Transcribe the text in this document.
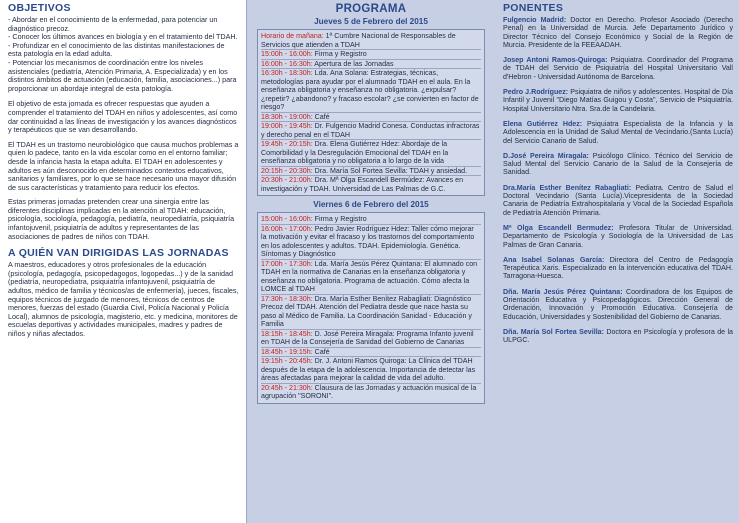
OBJETIVOS
- Abordar en el conocimiento de la enfermedad, para potenciar un diagnóstico precoz.
- Conocer los últimos avances en biología y en el tratamiento del TDAH.
- Profundizar en el conocimiento de las distintas manifestaciones de esta patología en la edad adulta.
- Potenciar los mecanismos de coordinación entre los niveles asistenciales (pediatría, Atención Primaria, A. Especializada) y en los distintos ámbitos de actuación (educación, familia, asociaciones...) para proporcionar un abordaje integral de esta patología.

El objetivo de esta jornada es ofrecer respuestas que ayuden a comprender el tratamiento del TDAH en niños y adolescentes, así como dar continuidad a las líneas de investigación y los avances diagnósticos y terapéuticos que se van desarrollando.

El TDAH es un trastorno neurobiológico que causa muchos problemas a quien lo padece, tanto en la vida escolar como en el entorno familiar; desde la infancia hasta la etapa adulta. El TDAH en adolescentes y adultos es aún desconocido en determinados contextos educativos, sanitarios y familiares, por lo que se hace necesario una mayor difusión de sus características y tratamiento para reducir los efectos.

Estas primeras jornadas pretenden crear una sinergia entre las diferentes disciplinas implicadas en la atención al TDAH: educación, psicología, sociología, pedagogía, pediatría, neuropediatría, psiquiatría infantojuvenil, psiquiatría de adultos y representantes de las asociaciones de padres de niños con TDAH.

A QUIÉN VAN DIRIGIDAS LAS JORNADAS

A maestros, educadores y otros profesionales de la educación (psicología, pedagogía, psicopedagogos, logopedas...) y de la sanidad (pediatría, neuropediatra, psiquiatría infantojuvenil, psiquiatría de adultos, médico de familia y técnicos/as de enfermería), jueces, fiscales, equipos técnicos de juzgado de menores, técnicos de centros de menores, fuerzas del estado (Guardia Civil, Policía Nacional y Policía Local), alumnos de psicología, magisterio, etc. y medicina, monitores de escuelas deportivas y actividades municipales, madres y padres de niños y niñas afectados.

PROGRAMA
Jueves 5 de Febrero del 2015
Horario de mañana: 1ª Cumbre Nacional de Responsables de Servicios que atienden a TDAH
15:00h - 16:00h: Firma y Registro
16:00h - 16:30h: Apertura de las Jornadas
16:30h - 18:30h: Lda. Ana Solana: Estrategias, técnicas, metodologías para ayudar por el alumnado TDAH en el aula. En la enseñanza obligatoria y enseñanza no obligatoria. ¿expulsar?¿repetir? ¿abandono? y fracaso escolar? ¿se convierten en factor de riesgo?
18:30h - 19:00h: Café
19:00h - 19:45h: Dr. Fulgencio Madrid Conesa. Conductas infractoras y derecho penal en el TDAH
19:45h - 20:15h: Dra. Elena Gutiérrez Hdez: Abordaje de la Comorbilidad y la Desregulación Emocional del TDAH en la enseñanza obligatoria y no obligatoria a lo largo de la vida
20:15h - 20:30h: Dra. María Sol Fortea Sevilla: TDAH y ansiedad.
20:30h - 21:00h: Dra. Mª Olga Escandell Bermúdez: Avances en investigación y TDAH. Universidad de Las Palmas de G.C.
Viernes 6 de Febrero del 2015
15:00h - 16:00h: Firma y Registro
16:00h - 17:00h: Pedro Javier Rodríguez Hdez: Taller cómo mejorar la motivación y evitar el fracaso y los trastornos del comportamiento en los adolescentes y adultos. TDAH. Epidemiología. Genética. Síntomas y Diagnóstico
17:00h - 17:30h: Lda. María Jesús Pérez Quintana: El alumnado con TDAH en la normativa de Canarias en la enseñanza obligatoria y enseñanza no obligatoria. Programa de actuación. Cómo afecta la LOMCE al TDAH
17:30h - 18:30h: Dra. María Esther Benítez Rabagliati: Diagnóstico Precoz del TDAH. Atención del Pediatra desde que nace hasta su paso al Médico de Familia. La Coordinación Sanidad - Educación y Familia
18:15h - 18:45h: D. José Pereira Miragala: Programa Infanto juvenil en TDAH de la Consejería de Sanidad del Gobierno de Canarias
18:45h - 19:15h: Café
19:15h - 20:45h: Dr. J. Antoni Ramos Quiroga: La Clínica del TDAH después de la etapa de la adolescencia. Importancia de detectar las áreas afectadas para mejorar la calidad de vida del adulto.
20:45h - 21:30h: Clausura de las Jornadas y actuación musical de la agrupación "SORONI".
PONENTES
Fulgencio Madrid: Doctor en Derecho. Profesor Asociado (Derecho Penal) en la Universidad de Murcia. Jefe Departamento Jurídico y Director Técnico del Consejo Económico y Social de la Región de Murcia. Presidente de la FEEAADAH.
Josep Antoni Ramos-Quiroga: Psiquiatra. Coordinador del Programa de TDAH del Servicio de Psiquiatría del Hospital Universitario Vall d'Hebron - Universidad Autónoma de Barcelona.
Pedro J.Rodríguez: Psiquiatra de niños y adolescentes. Hospital de Día Infantil y Juvenil "Diego Matías Guigou y Costa", Servicio de Psiquiatría. Hospital Universitario Ntra. Sra.de la Candelaria.
Elena Gutiérrez Hdez: Psiquiatra Especialista de la Infancia y la Adolescencia en la Unidad de Salud Mental de Vecindario.(Santa Lucía) del Servicio Canario de Salud.
D.José Pereira Miragala: Psicólogo Clínico. Técnico del Servicio de Salud Mental del Servicio Canario de la Salud de la Consejería de Sanidad.
Dra.María Esther Benítez Rabagliati: Pediatra. Centro de Salud el Doctoral Vecindario (Santa Lucía).Vicepresidenta de la Sociedad Canaria de Pediatría Extrahospitalaria y Vocal de la Sociedad Española de Pediatría Atención Primaria.
Mª Olga Escandell Bermudez: Profesora Titular de Universidad. Departamento de Psicología y Sociología de la Universidad de Las Palmas de Gran Canaria.
Ana Isabel Solanas García: Directora del Centro de Pedagogía Terapéutica Xaris. Especializado en la intervención educativa del TDAH. Tarragona-Huesca.
Dña. María Jesús Pérez Quintana: Coordinadora de los Equipos de Orientación Educativa y Psicopedagógicos. Dirección General de Ordenación, Innovación y Promoción Educativa. Consejería de Educación, Universidades y Sostenibilidad del Gobierno de Canarias.
Dña. María Sol Fortea Sevilla: Doctora en Psicología y profesora de la ULPGC.
